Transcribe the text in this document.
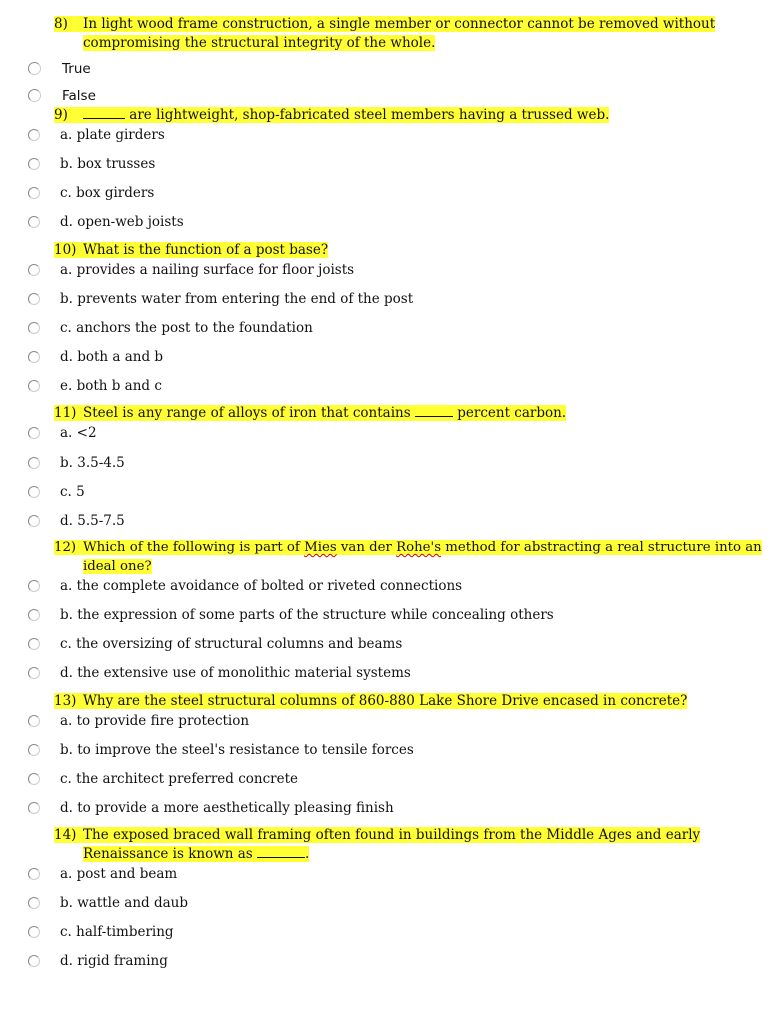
8) In light wood frame construction, a single member or connector cannot be removed without
compromising the structural integrity of the whole.
True
False
9)	are lightweight, shop-fabricated steel members having a trussed web.
a. plate girders
b. box trusses
c. box girders
d. open-web joists
10) What is the function of a post base?
a. provides a nailing surface for floor joists
b. prevents water from entering the end of the post
c. anchors the post to the foundation
d. both a and b
e. both b and c
11) Steel is any range of alloys of iron that contains	percent carbon.
a. <2
b. 3.5-4.5
c. 5
d. 5.5-7.5
12) Which of the following is part of Mies van der Rohe's method for abstracting a real structure into an
ideal one?
a. the complete avoidance of bolted or riveted connections
b. the expression of some parts of the structure while concealing others
c. the oversizing of structural columns and beams
d. the extensive use of monolithic material systems
13) Why are the steel structural columns of 860-880 Lake Shore Drive encased in concrete?
a. to provide fire protection
b. to improve the steel's resistance to tensile forces
c. the architect preferred concrete
d. to provide a more aesthetically pleasing finish
14) The exposed braced wall framing often found in buildings from the Middle Ages and early
Renaissance is known as	.
a. post and beam
b. wattle and daub
c. half-timbering
d. rigid framing
